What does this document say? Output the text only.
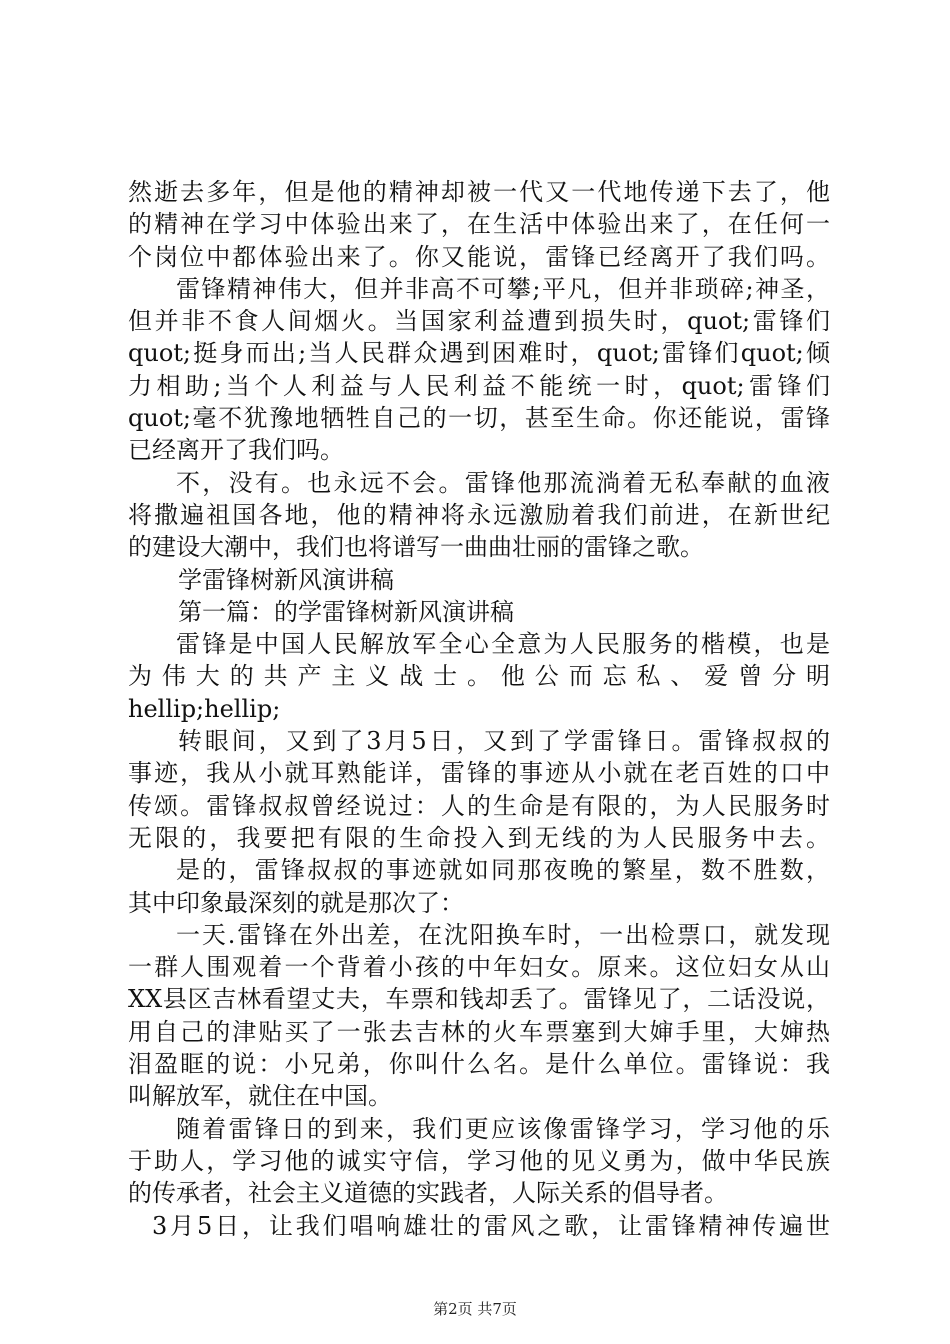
然逝去多年，但是他的精神却被一代又一代地传递下去了，他
的精神在学习中体验出来了，在生活中体验出来了，在任何一
个岗位中都体验出来了。你又能说，雷锋已经离开了我们吗。
雷锋精神伟大，但并非高不可攀;平凡，但并非琐碎;神圣，
但并非不食人间烟火。当国家利益遭到损失时，quot;雷锋们
quot;挺身而出;当人民群众遇到困难时，quot;雷锋们quot;倾
力相助;当个人利益与人民利益不能统一时，quot;雷锋们
quot;毫不犹豫地牺牲自己的一切，甚至生命。你还能说，雷锋
已经离开了我们吗。
不，没有。也永远不会。雷锋他那流淌着无私奉献的血液
将撒遍祖国各地，他的精神将永远激励着我们前进，在新世纪
的建设大潮中，我们也将谱写一曲曲壮丽的雷锋之歌。
学雷锋树新风演讲稿
第一篇：的学雷锋树新风演讲稿
雷锋是中国人民解放军全心全意为人民服务的楷模，也是
为伟大的共产主义战士。他公而忘私、爱曾分明
hellip;hellip;
转眼间，又到了3月5日，又到了学雷锋日。雷锋叔叔的
事迹，我从小就耳熟能详，雷锋的事迹从小就在老百姓的口中
传颂。雷锋叔叔曾经说过：人的生命是有限的，为人民服务时
无限的，我要把有限的生命投入到无线的为人民服务中去。
是的，雷锋叔叔的事迹就如同那夜晚的繁星，数不胜数，
其中印象最深刻的就是那次了：
一天.雷锋在外出差，在沈阳换车时，一出检票口，就发现
一群人围观着一个背着小孩的中年妇女。原来。这位妇女从山
XX县区吉林看望丈夫，车票和钱却丢了。雷锋见了，二话没说，
用自己的津贴买了一张去吉林的火车票塞到大婶手里，大婶热
泪盈眶的说：小兄弟，你叫什么名。是什么单位。雷锋说：我
叫解放军，就住在中国。
随着雷锋日的到来，我们更应该像雷锋学习，学习他的乐
于助人，学习他的诚实守信，学习他的见义勇为，做中华民族
的传承者，社会主义道德的实践者，人际关系的倡导者。
3月5日，让我们唱响雄壮的雷风之歌，让雷锋精神传遍世
第2页 共7页
